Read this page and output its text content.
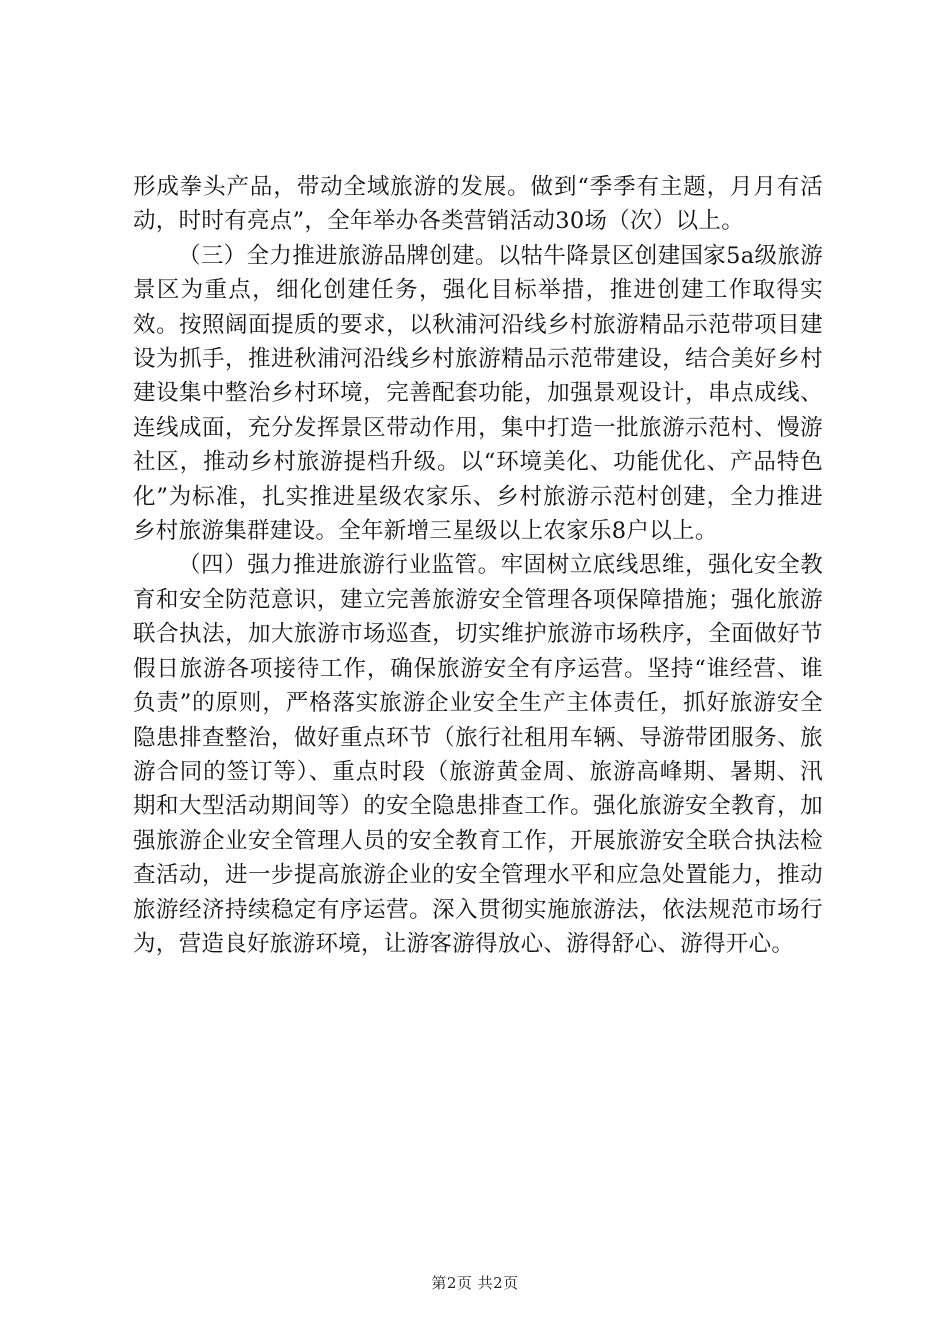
形成拳头产品，带动全域旅游的发展。做到“季季有主题，月月有活动，时时有亮点”，全年举办各类营销活动30场（次）以上。

（三）全力推进旅游品牌创建。以牯牛降景区创建国家5a级旅游景区为重点，细化创建任务，强化目标举措，推进创建工作取得实效。按照阔面提质的要求，以秋浦河沿线乡村旅游精品示范带项目建设为抓手，推进秋浦河沿线乡村旅游精品示范带建设，结合美好乡村建设集中整治乡村环境，完善配套功能，加强景观设计，串点成线、连线成面，充分发挥景区带动作用，集中打造一批旅游示范村、慢游社区，推动乡村旅游提档升级。以“环境美化、功能优化、产品特色化”为标准，扎实推进星级农家乐、乡村旅游示范村创建，全力推进乡村旅游集群建设。全年新增三星级以上农家乐8户以上。

（四）强力推进旅游行业监管。牢固树立底线思维，强化安全教育和安全防范意识，建立完善旅游安全管理各项保障措施；强化旅游联合执法，加大旅游市场巡查，切实维护旅游市场秩序，全面做好节假日旅游各项接待工作，确保旅游安全有序运营。坚持“谁经营、谁负责”的原则，严格落实旅游企业安全生产主体责任，抓好旅游安全隐患排查整治，做好重点环节（旅行社租用车辆、导游带团服务、旅游合同的签订等）、重点时段（旅游黄金周、旅游高峰期、暑期、汛期和大型活动期间等）的安全隐患排查工作。强化旅游安全教育，加强旅游企业安全管理人员的安全教育工作，开展旅游安全联合执法检查活动，进一步提高旅游企业的安全管理水平和应急处置能力，推动旅游经济持续稳定有序运营。深入贯彻实施旅游法，依法规范市场行为，营造良好旅游环境，让游客游得放心、游得舒心、游得开心。

第2页 共2页
